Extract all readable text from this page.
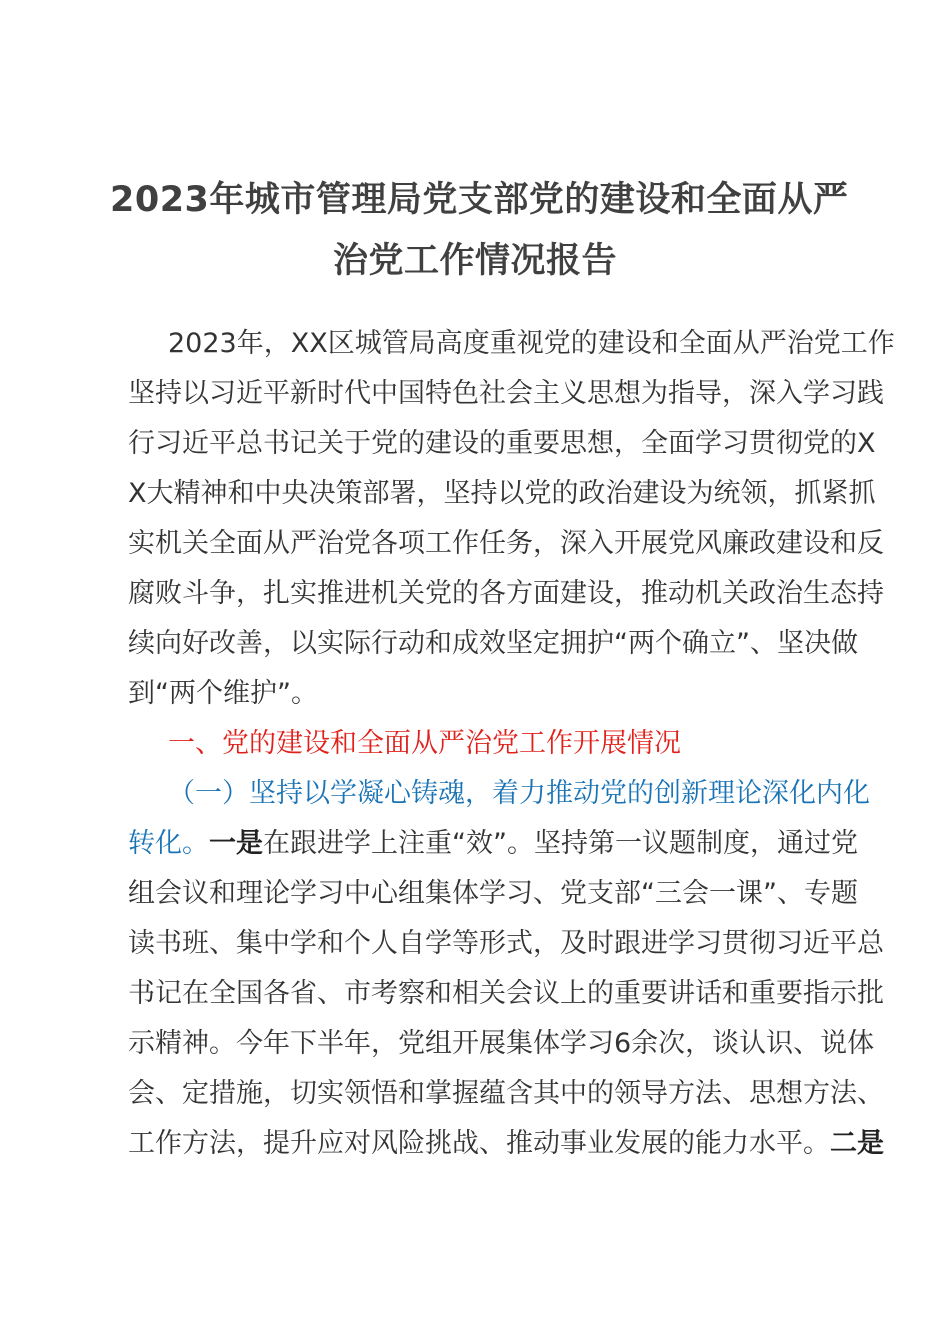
2023年城市管理局党支部党的建设和全面从严
治党工作情况报告
2023年，XX区城管局高度重视党的建设和全面从严治党工作
坚持以习近平新时代中国特色社会主义思想为指导，深入学习践
行习近平总书记关于党的建设的重要思想，全面学习贯彻党的X
X大精神和中央决策部署，坚持以党的政治建设为统领，抓紧抓
实机关全面从严治党各项工作任务，深入开展党风廉政建设和反
腐败斗争，扎实推进机关党的各方面建设，推动机关政治生态持
续向好改善，以实际行动和成效坚定拥护“两个确立”、坚决做
到“两个维护”。
一、党的建设和全面从严治党工作开展情况
（一）坚持以学凝心铸魂，着力推动党的创新理论深化内化
转化。一是在跟进学上注重“效”。坚持第一议题制度，通过党
组会议和理论学习中心组集体学习、党支部“三会一课”、专题
读书班、集中学和个人自学等形式，及时跟进学习贯彻习近平总
书记在全国各省、市考察和相关会议上的重要讲话和重要指示批
示精神。今年下半年，党组开展集体学习6余次，谈认识、说体
会、定措施，切实领悟和掌握蕴含其中的领导方法、思想方法、
工作方法，提升应对风险挑战、推动事业发展的能力水平。二是
